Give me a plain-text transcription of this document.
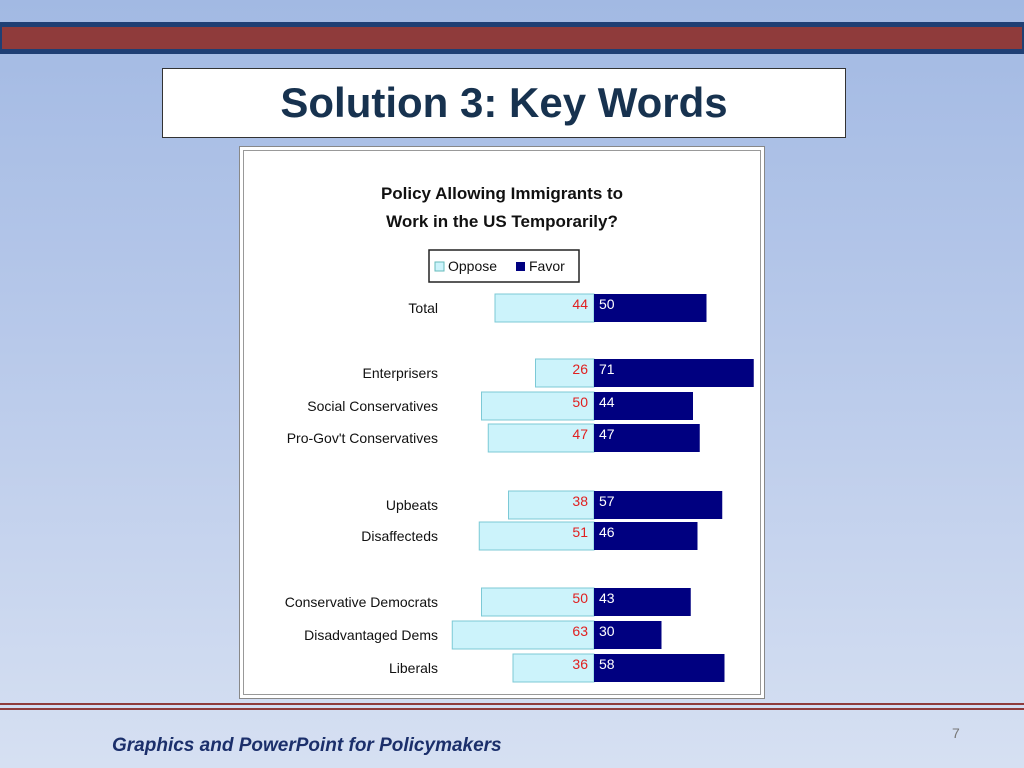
Solution 3: Key Words
Policy Allowing Immigrants to
Work in the US Temporarily?
Oppose Favor
Total	44 50
Enterprisers	26 71
Social Conservatives	50 44
Pro-Gov't Conservatives	47 47
Upbeats	38 57
Disaffecteds	51 46
Conservative Democrats	50 43
Disadvantaged Dems	63 30
Liberals	36 58
7
Graphics and PowerPoint for Policymakers
